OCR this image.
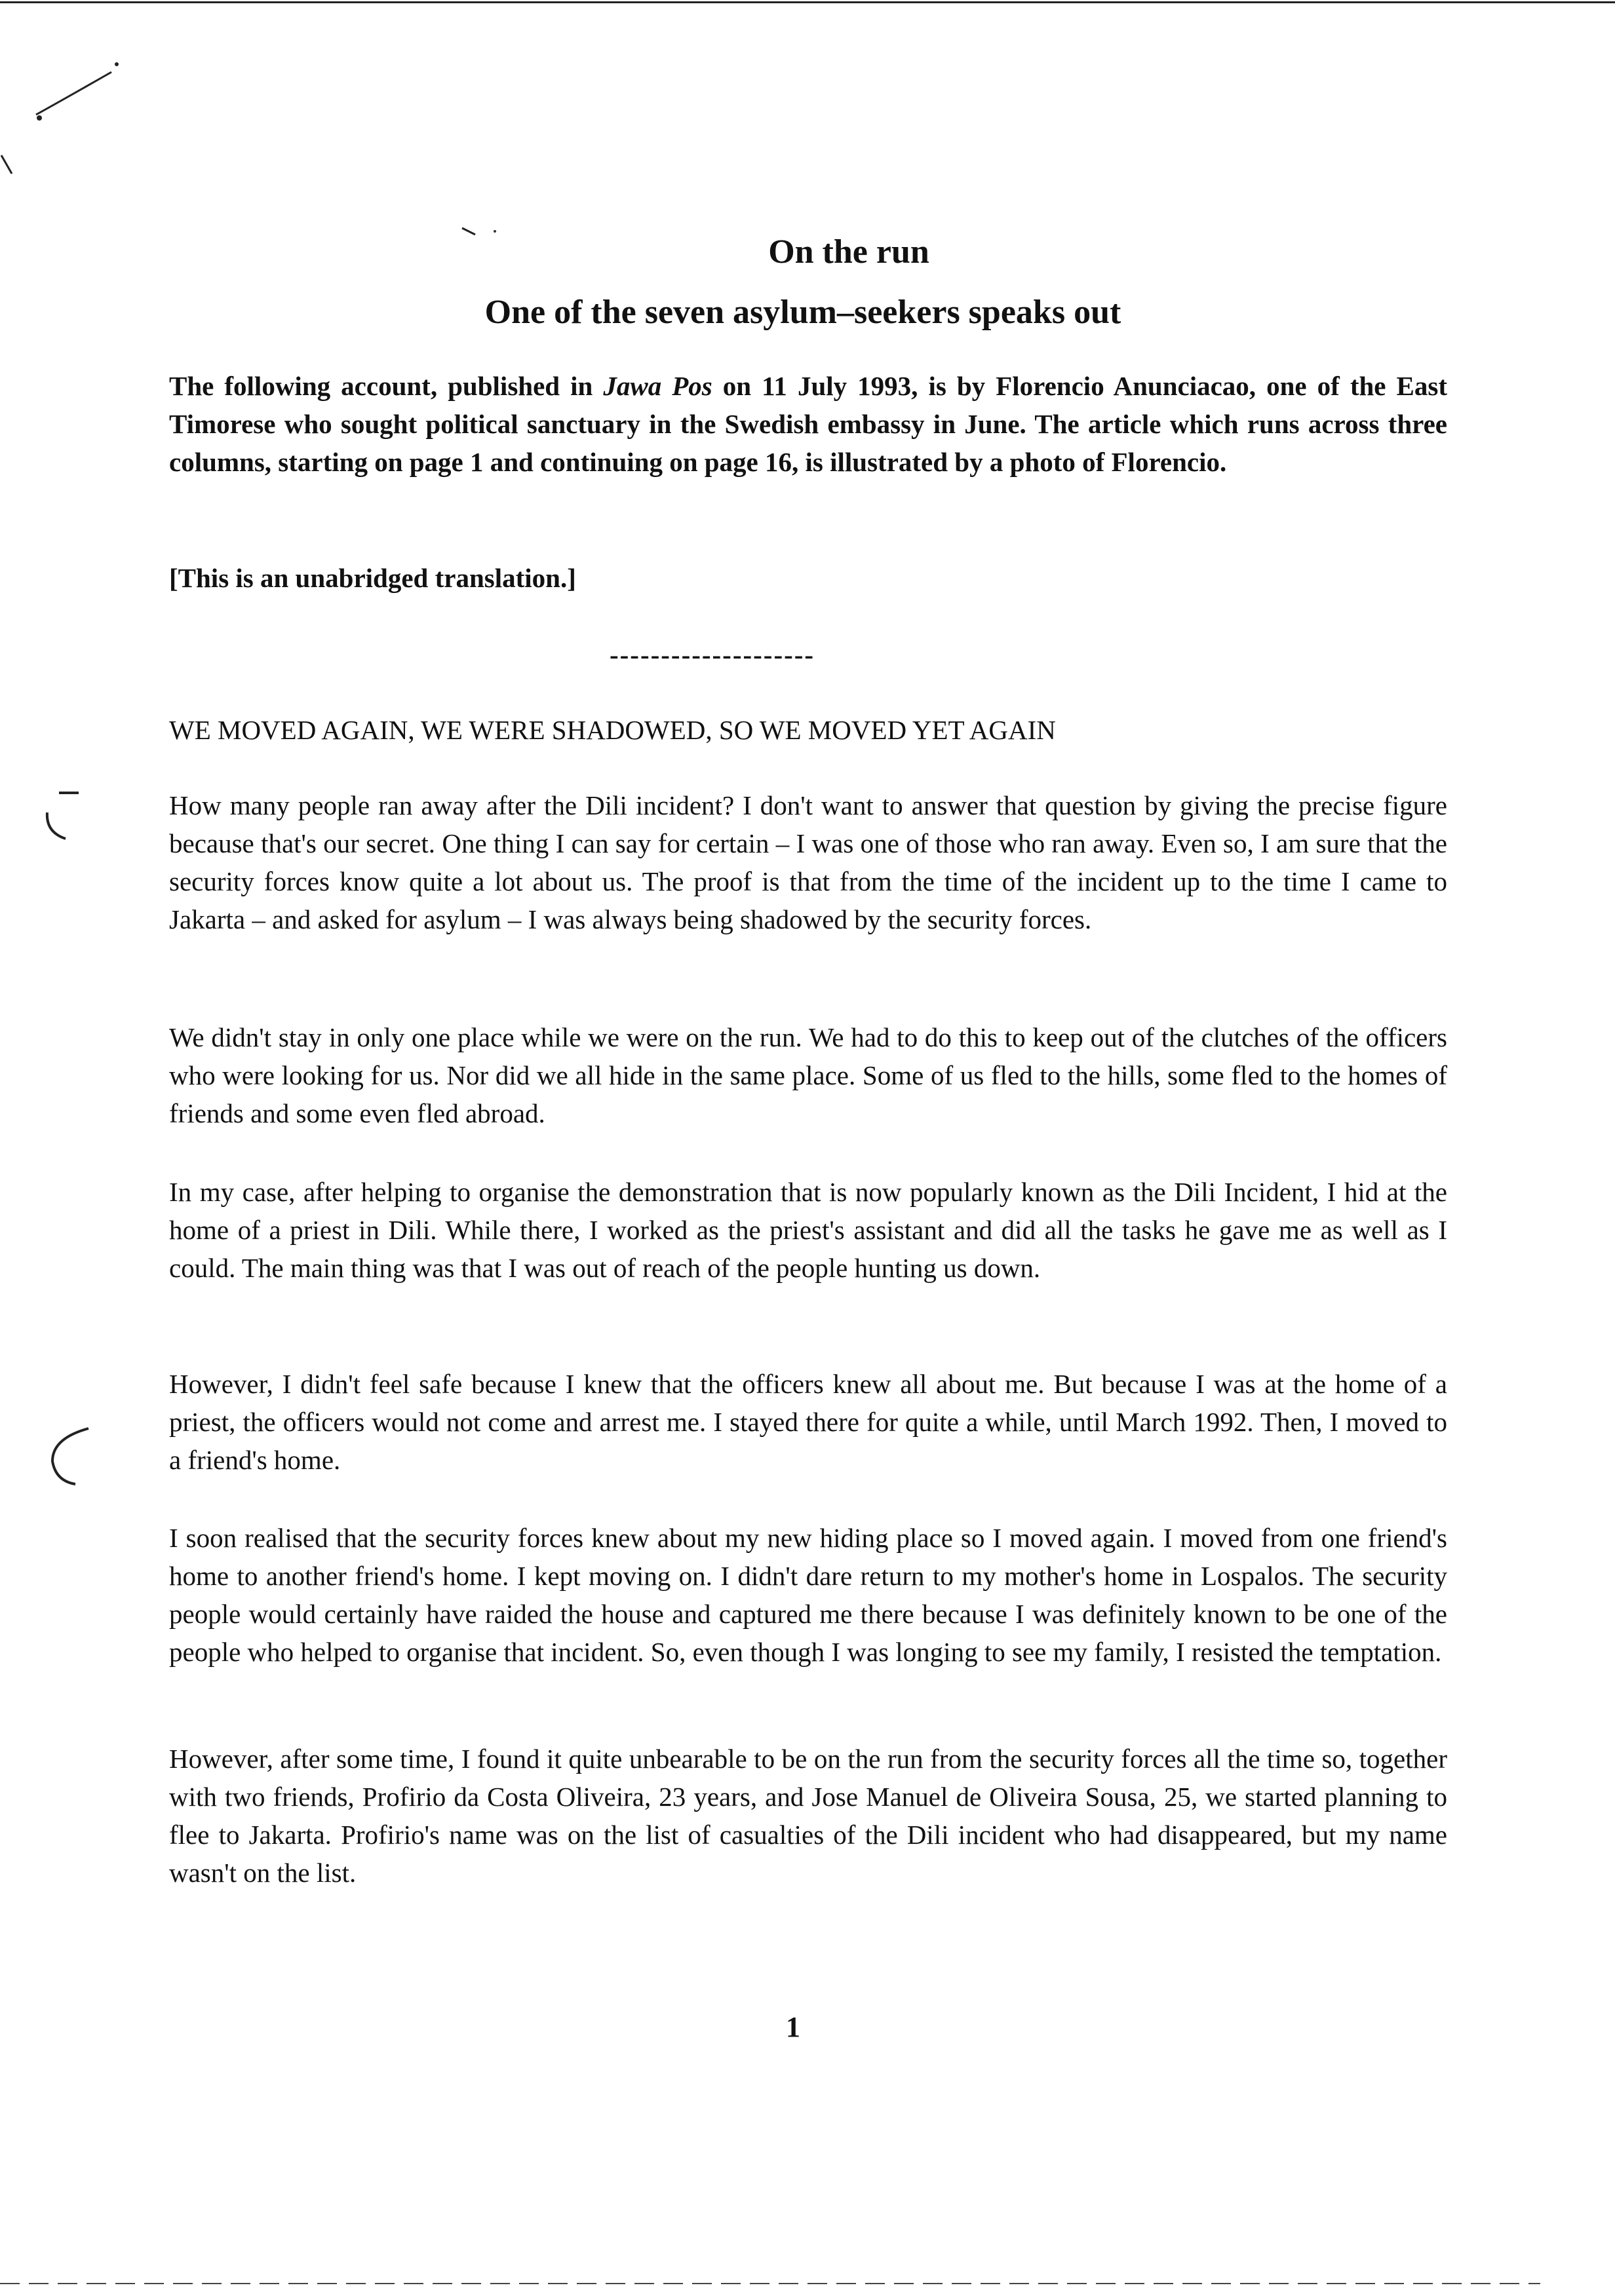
On the run

One of the seven asylum–seekers speaks out

The following account, published in Jawa Pos on 11 July 1993, is by Florencio Anunciacao, one of the East Timorese who sought political sanctuary in the Swedish embassy in June. The article which runs across three columns, starting on page 1 and continuing on page 16, is illustrated by a photo of Florencio.

[This is an unabridged translation.]

--------------------

WE MOVED AGAIN, WE WERE SHADOWED, SO WE MOVED YET AGAIN

How many people ran away after the Dili incident? I don't want to answer that question by giving the precise figure because that's our secret. One thing I can say for certain – I was one of those who ran away. Even so, I am sure that the security forces know quite a lot about us. The proof is that from the time of the incident up to the time I came to Jakarta – and asked for asylum – I was always being shadowed by the security forces.

We didn't stay in only one place while we were on the run. We had to do this to keep out of the clutches of the officers who were looking for us. Nor did we all hide in the same place. Some of us fled to the hills, some fled to the homes of friends and some even fled abroad.

In my case, after helping to organise the demonstration that is now popularly known as the Dili Incident, I hid at the home of a priest in Dili. While there, I worked as the priest's assistant and did all the tasks he gave me as well as I could. The main thing was that I was out of reach of the people hunting us down.

However, I didn't feel safe because I knew that the officers knew all about me. But because I was at the home of a priest, the officers would not come and arrest me. I stayed there for quite a while, until March 1992. Then, I moved to a friend's home.

I soon realised that the security forces knew about my new hiding place so I moved again. I moved from one friend's home to another friend's home. I kept moving on. I didn't dare return to my mother's home in Lospalos. The security people would certainly have raided the house and captured me there because I was definitely known to be one of the people who helped to organise that incident. So, even though I was longing to see my family, I resisted the temptation.

However, after some time, I found it quite unbearable to be on the run from the security forces all the time so, together with two friends, Profirio da Costa Oliveira, 23 years, and Jose Manuel de Oliveira Sousa, 25, we started planning to flee to Jakarta. Profirio's name was on the list of casualties of the Dili incident who had disappeared, but my name wasn't on the list.

1
